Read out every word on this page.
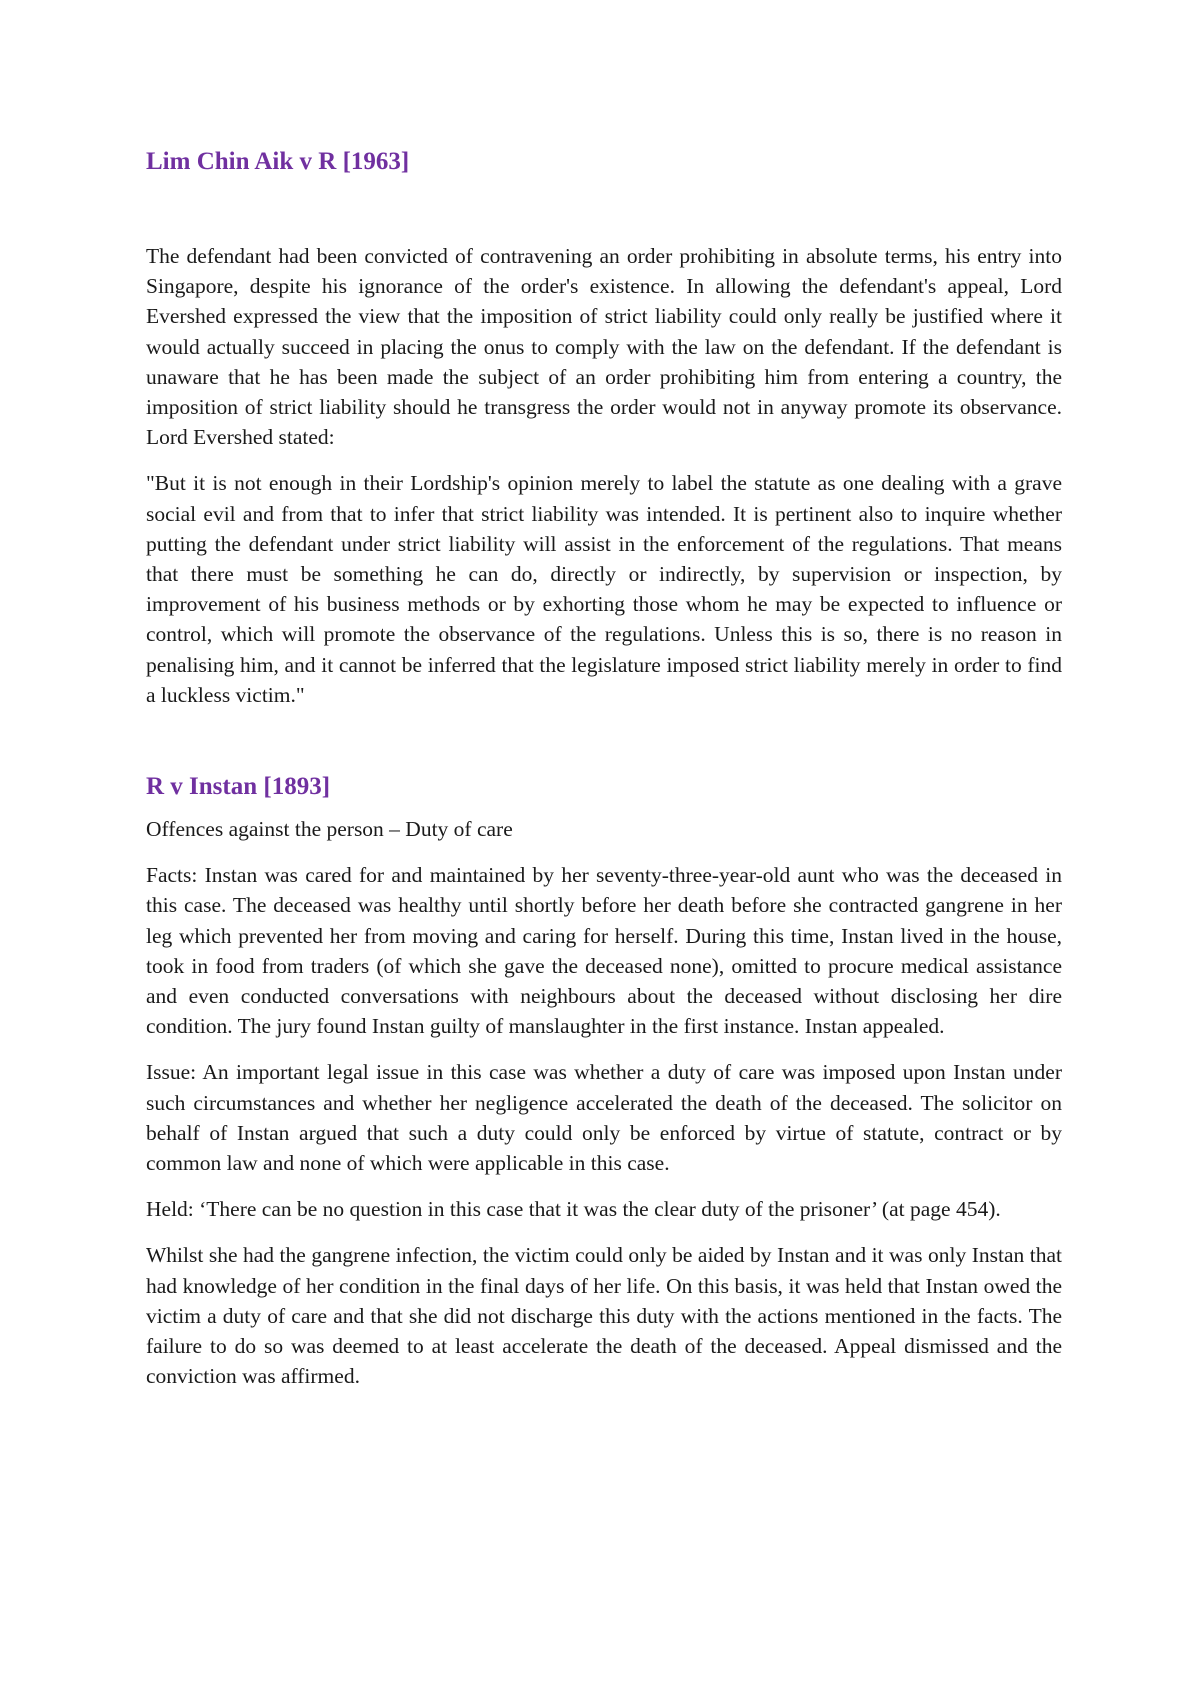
Lim Chin Aik v R [1963]

The defendant had been convicted of contravening an order prohibiting in absolute terms, his entry into Singapore, despite his ignorance of the order's existence. In allowing the defendant's appeal, Lord Evershed expressed the view that the imposition of strict liability could only really be justified where it would actually succeed in placing the onus to comply with the law on the defendant. If the defendant is unaware that he has been made the subject of an order prohibiting him from entering a country, the imposition of strict liability should he transgress the order would not in anyway promote its observance. Lord Evershed stated:

"But it is not enough in their Lordship's opinion merely to label the statute as one dealing with a grave social evil and from that to infer that strict liability was intended. It is pertinent also to inquire whether putting the defendant under strict liability will assist in the enforcement of the regulations. That means that there must be something he can do, directly or indirectly, by supervision or inspection, by improvement of his business methods or by exhorting those whom he may be expected to influence or control, which will promote the observance of the regulations. Unless this is so, there is no reason in penalising him, and it cannot be inferred that the legislature imposed strict liability merely in order to find a luckless victim."

R v Instan [1893]

Offences against the person – Duty of care

Facts: Instan was cared for and maintained by her seventy-three-year-old aunt who was the deceased in this case. The deceased was healthy until shortly before her death before she contracted gangrene in her leg which prevented her from moving and caring for herself. During this time, Instan lived in the house, took in food from traders (of which she gave the deceased none), omitted to procure medical assistance and even conducted conversations with neighbours about the deceased without disclosing her dire condition. The jury found Instan guilty of manslaughter in the first instance. Instan appealed.

Issue: An important legal issue in this case was whether a duty of care was imposed upon Instan under such circumstances and whether her negligence accelerated the death of the deceased. The solicitor on behalf of Instan argued that such a duty could only be enforced by virtue of statute, contract or by common law and none of which were applicable in this case.

Held: ‘There can be no question in this case that it was the clear duty of the prisoner’ (at page 454).

Whilst she had the gangrene infection, the victim could only be aided by Instan and it was only Instan that had knowledge of her condition in the final days of her life. On this basis, it was held that Instan owed the victim a duty of care and that she did not discharge this duty with the actions mentioned in the facts. The failure to do so was deemed to at least accelerate the death of the deceased. Appeal dismissed and the conviction was affirmed.
